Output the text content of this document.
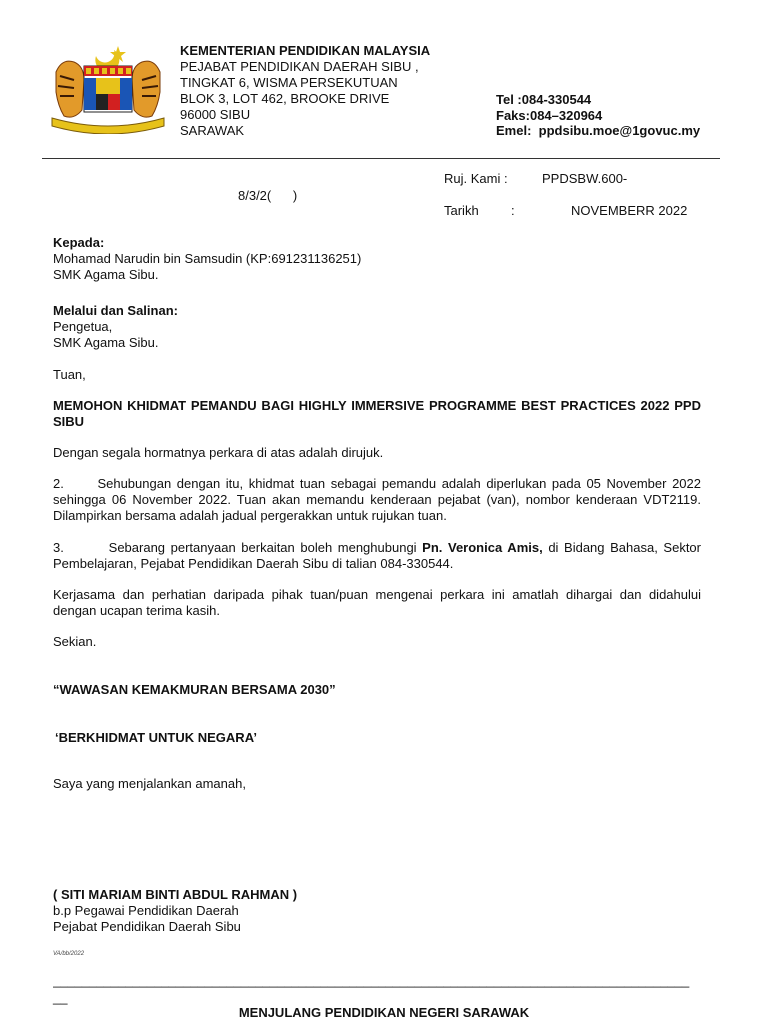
KEMENTERIAN PENDIDIKAN MALAYSIA
PEJABAT PENDIDIKAN DAERAH SIBU ,
TINGKAT 6, WISMA PERSEKUTUAN
BLOK 3, LOT 462, BROOKE DRIVE
96000 SIBU
SARAWAK
Tel :084-330544
Faks:084–320964
Emel: ppdsibu.moe@1govuc.my
Ruj. Kami :	PPDSBW.600-
8/3/2(      )
Tarikh :	NOVEMBERR 2022
Kepada:
Mohamad Narudin bin Samsudin (KP:691231136251)
SMK Agama Sibu.
Melalui dan Salinan:
Pengetua,
SMK Agama Sibu.
Tuan,
MEMOHON KHIDMAT PEMANDU BAGI HIGHLY IMMERSIVE PROGRAMME BEST PRACTICES 2022 PPD SIBU
Dengan segala hormatnya perkara di atas adalah dirujuk.
2.      Sehubungan dengan itu, khidmat tuan sebagai pemandu adalah diperlukan pada 05 November 2022 sehingga 06 November 2022. Tuan akan memandu kenderaan pejabat (van), nombor kenderaan VDT2119. Dilampirkan bersama adalah jadual pergerakkan untuk rujukan tuan.
3.        Sebarang pertanyaan berkaitan boleh menghubungi Pn. Veronica Amis, di Bidang Bahasa, Sektor Pembelajaran, Pejabat Pendidikan Daerah Sibu di talian 084-330544.
Kerjasama dan perhatian daripada pihak tuan/puan mengenai perkara ini amatlah dihargai dan didahului dengan ucapan terima kasih.
Sekian.
“WAWASAN KEMAKMURAN BERSAMA 2030”
‘BERKHIDMAT UNTUK NEGARA’
Saya yang menjalankan amanah,
( SITI MARIAM BINTI ABDUL RAHMAN )
b.p Pegawai Pendidikan Daerah
Pejabat Pendidikan Daerah Sibu
VA/bb/2022
________________________________________________________________________________________
__
MENJULANG PENDIDIKAN NEGERI SARAWAK
